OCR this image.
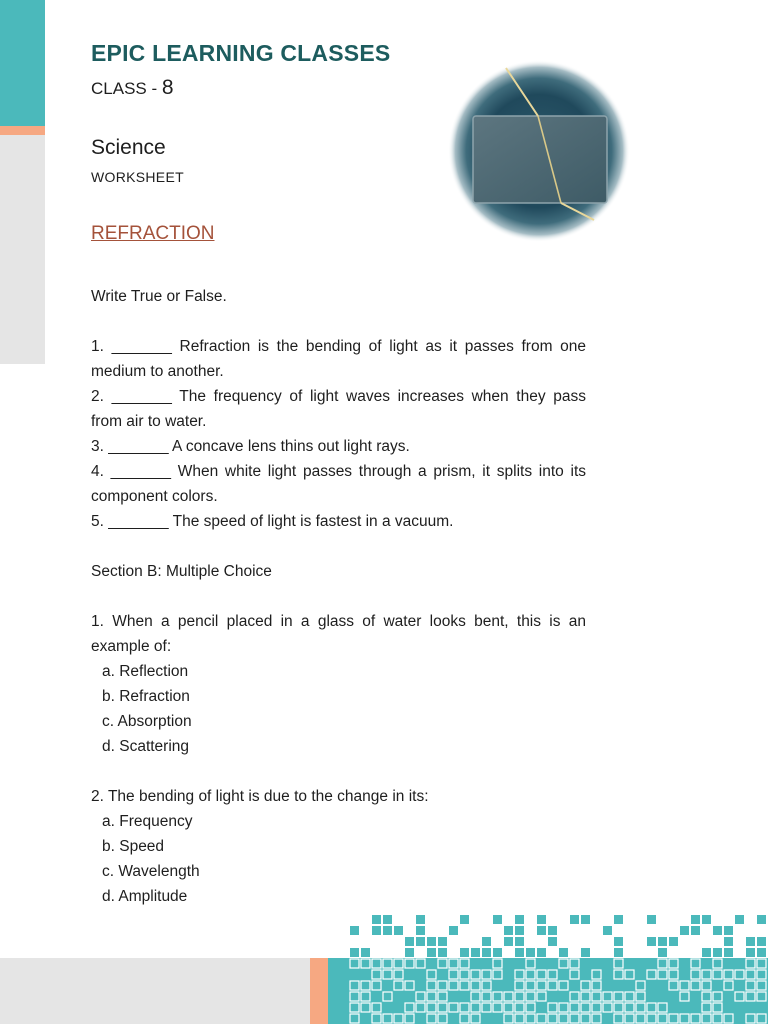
EPIC LEARNING CLASSES
CLASS - 8
Science
WORKSHEET
REFRACTION

Write True or False.

1. _______ Refraction is the bending of light as it passes from one medium to another.

2. _______ The frequency of light waves increases when they pass from air to water.

3. _______ A concave lens thins out light rays.

4. _______ When white light passes through a prism, it splits into its component colors.

5. _______ The speed of light is fastest in a vacuum.

Section B: Multiple Choice

1. When a pencil placed in a glass of water looks bent, this is an example of:

a. Reflection

b. Refraction

c. Absorption

d. Scattering

2. The bending of light is due to the change in its:

a. Frequency

b. Speed

c. Wavelength

d. Amplitude
